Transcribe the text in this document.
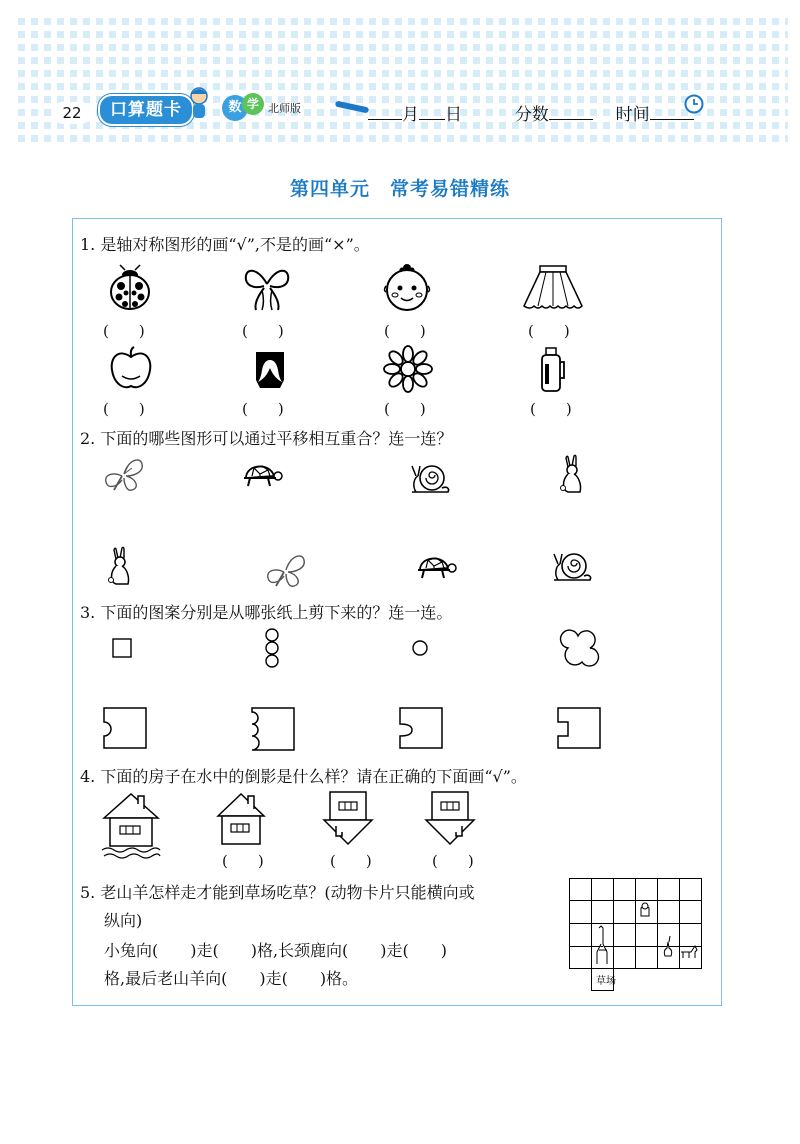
22	口算题卡	数 学 北师版	月 日	分数	时间
第四单元　常考易错精练
1. 是轴对称图形的画“√”,不是的画“×”。
(　　)	(　　)	(　　)	(　　)
(　　)	(　　)	(　　)	(　　)
2. 下面的哪些图形可以通过平移相互重合？连一连？
3. 下面的图案分别是从哪张纸上剪下来的？连一连。
4. 下面的房子在水中的倒影是什么样？请在正确的下面画“√”。
(　　)	(　　)	(　　)
5. 老山羊怎样走才能到草场吃草？(动物卡片只能横向或
纵向)
小兔向(　　)走(　　)格,长颈鹿向(　　)走(　　)
格,最后老山羊向(　　)走(　　)格。	草场
